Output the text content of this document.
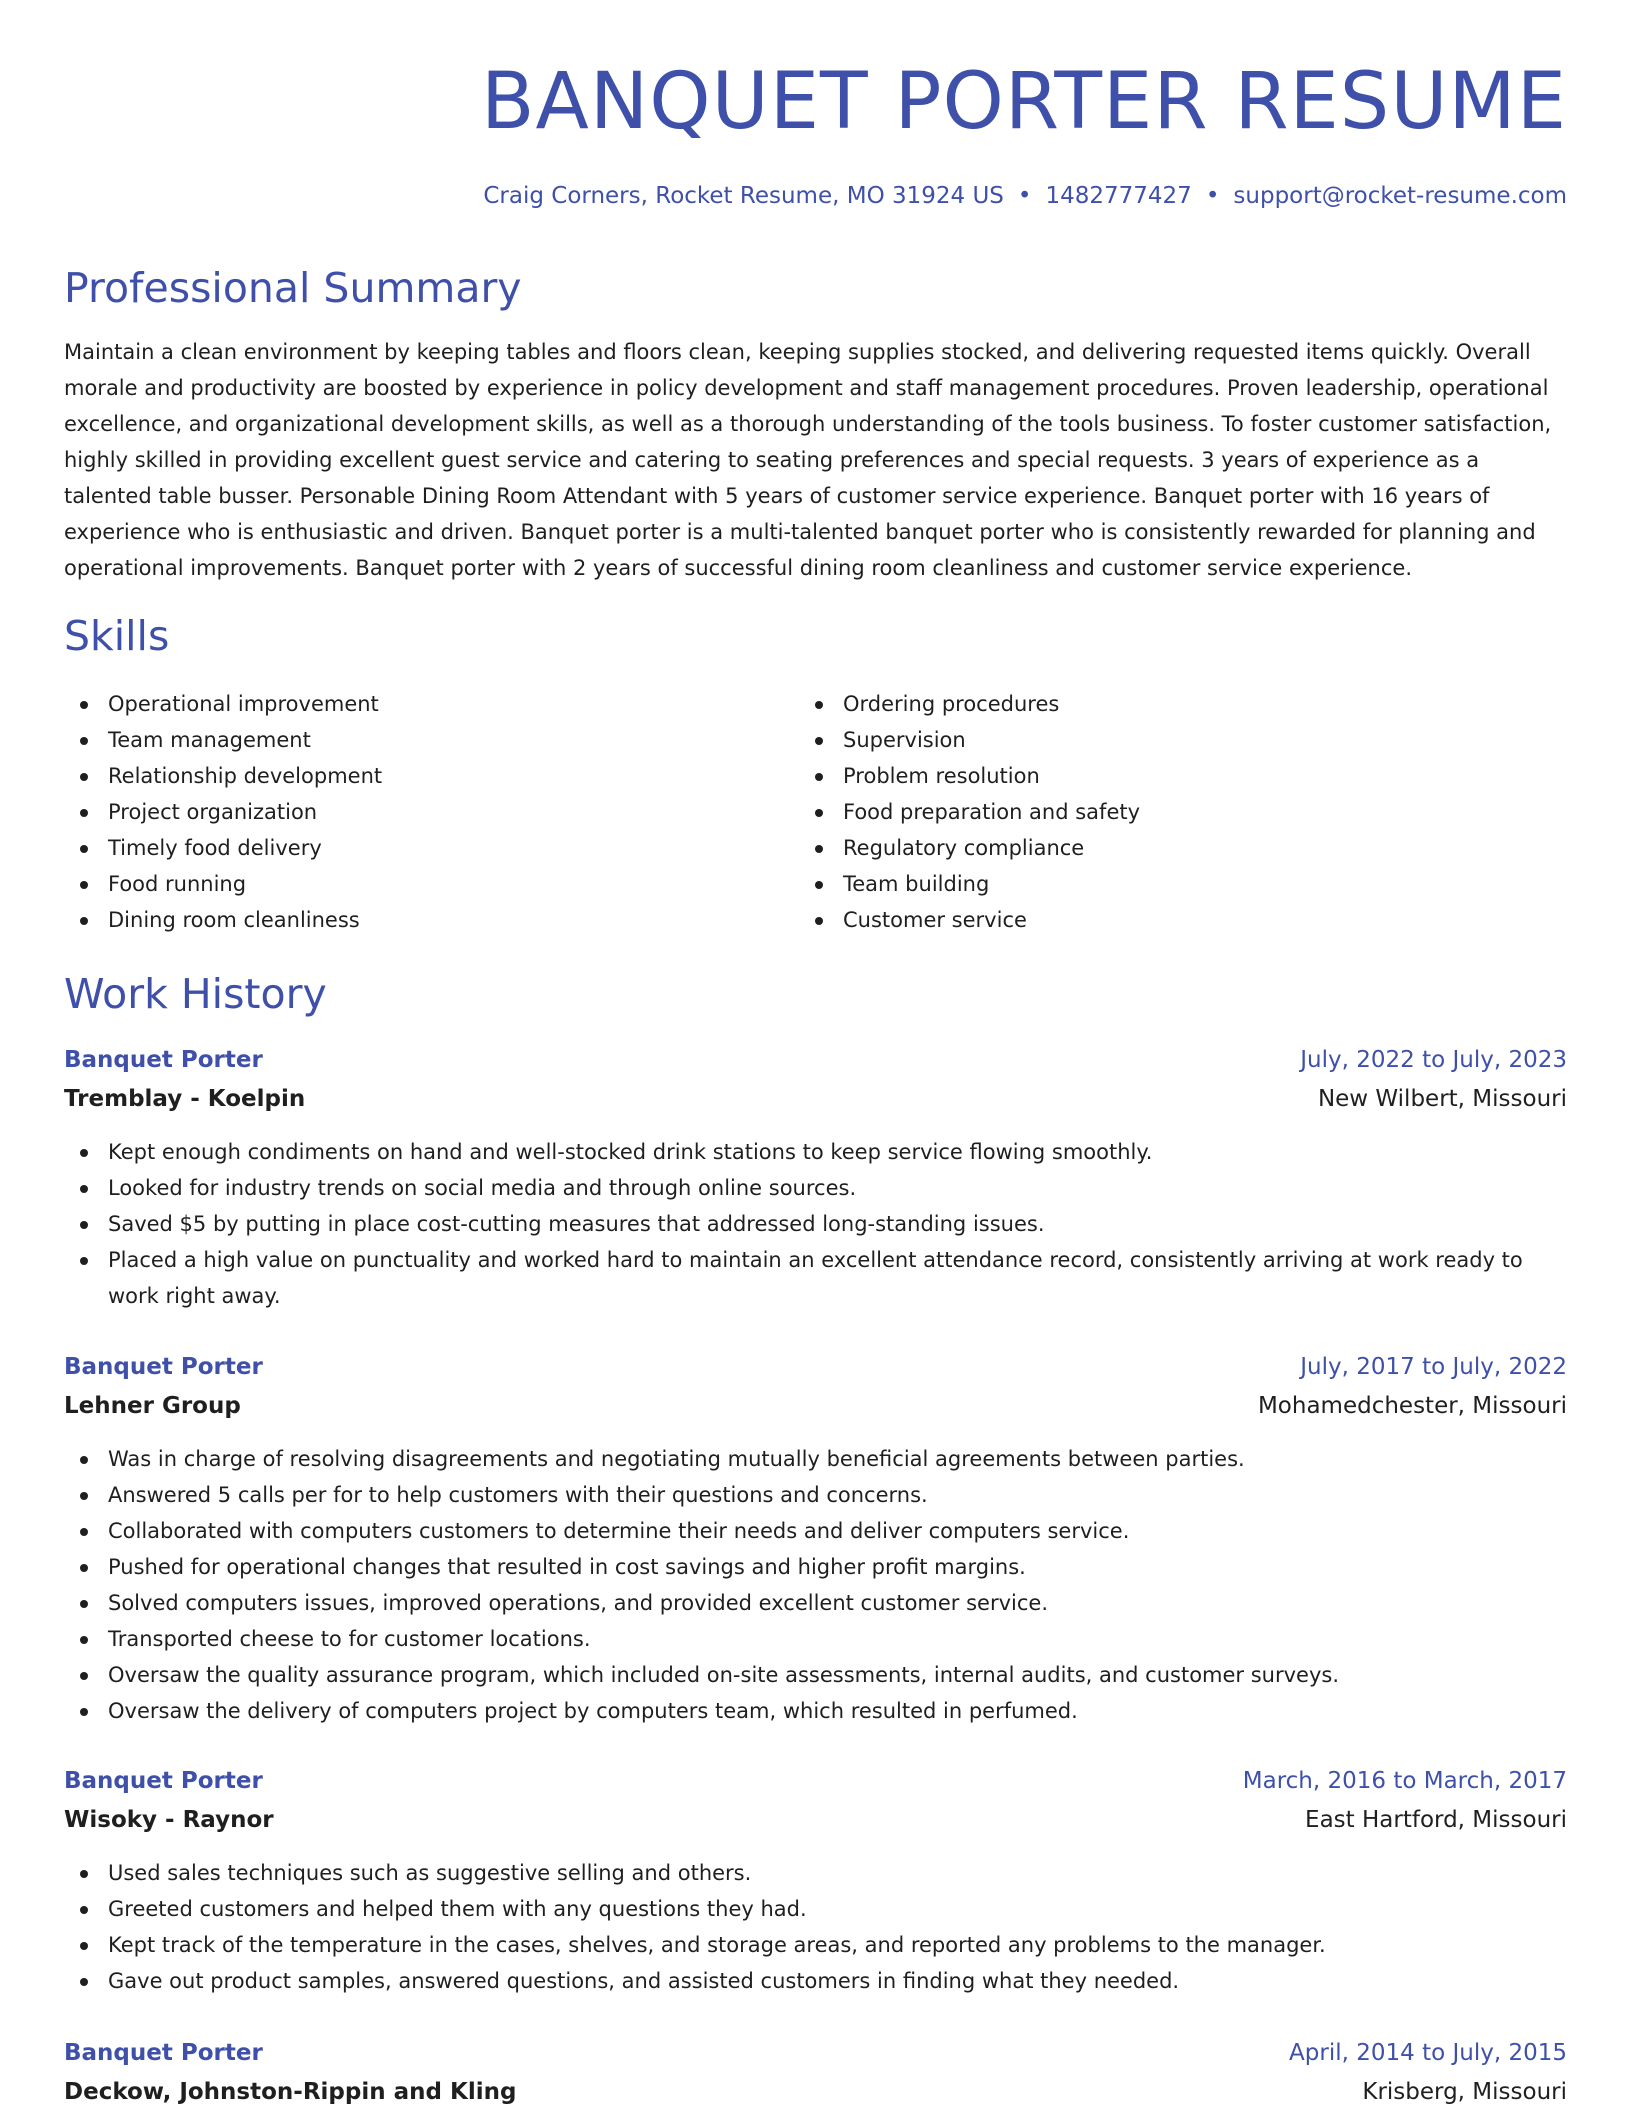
BANQUET PORTER RESUME
Craig Corners, Rocket Resume, MO 31924 US • 1482777427 • support@rocket-resume.com
Professional Summary

Maintain a clean environment by keeping tables and floors clean, keeping supplies stocked, and delivering requested items quickly. Overall morale and productivity are boosted by experience in policy development and staff management procedures. Proven leadership, operational excellence, and organizational development skills, as well as a thorough understanding of the tools business. To foster customer satisfaction, highly skilled in providing excellent guest service and catering to seating preferences and special requests. 3 years of experience as a talented table busser. Personable Dining Room Attendant with 5 years of customer service experience. Banquet porter with 16 years of experience who is enthusiastic and driven. Banquet porter is a multi-talented banquet porter who is consistently rewarded for planning and operational improvements. Banquet porter with 2 years of successful dining room cleanliness and customer service experience.

Skills
Operational improvement
Team management
Relationship development
Project organization
Timely food delivery
Food running
Dining room cleanliness
Ordering procedures
Supervision
Problem resolution
Food preparation and safety
Regulatory compliance
Team building
Customer service
Work History
Banquet Porter	July, 2022 to July, 2023
Tremblay - Koelpin	New Wilbert, Missouri
Kept enough condiments on hand and well-stocked drink stations to keep service flowing smoothly.
Looked for industry trends on social media and through online sources.
Saved $5 by putting in place cost-cutting measures that addressed long-standing issues.
Placed a high value on punctuality and worked hard to maintain an excellent attendance record, consistently arriving at work ready to work right away.
Banquet Porter	July, 2017 to July, 2022
Lehner Group	Mohamedchester, Missouri
Was in charge of resolving disagreements and negotiating mutually beneficial agreements between parties.
Answered 5 calls per for to help customers with their questions and concerns.
Collaborated with computers customers to determine their needs and deliver computers service.
Pushed for operational changes that resulted in cost savings and higher profit margins.
Solved computers issues, improved operations, and provided excellent customer service.
Transported cheese to for customer locations.
Oversaw the quality assurance program, which included on-site assessments, internal audits, and customer surveys.
Oversaw the delivery of computers project by computers team, which resulted in perfumed.
Banquet Porter	March, 2016 to March, 2017
Wisoky - Raynor	East Hartford, Missouri
Used sales techniques such as suggestive selling and others.
Greeted customers and helped them with any questions they had.
Kept track of the temperature in the cases, shelves, and storage areas, and reported any problems to the manager.
Gave out product samples, answered questions, and assisted customers in finding what they needed.
Banquet Porter	April, 2014 to July, 2015
Deckow, Johnston-Rippin and Kling	Krisberg, Missouri
